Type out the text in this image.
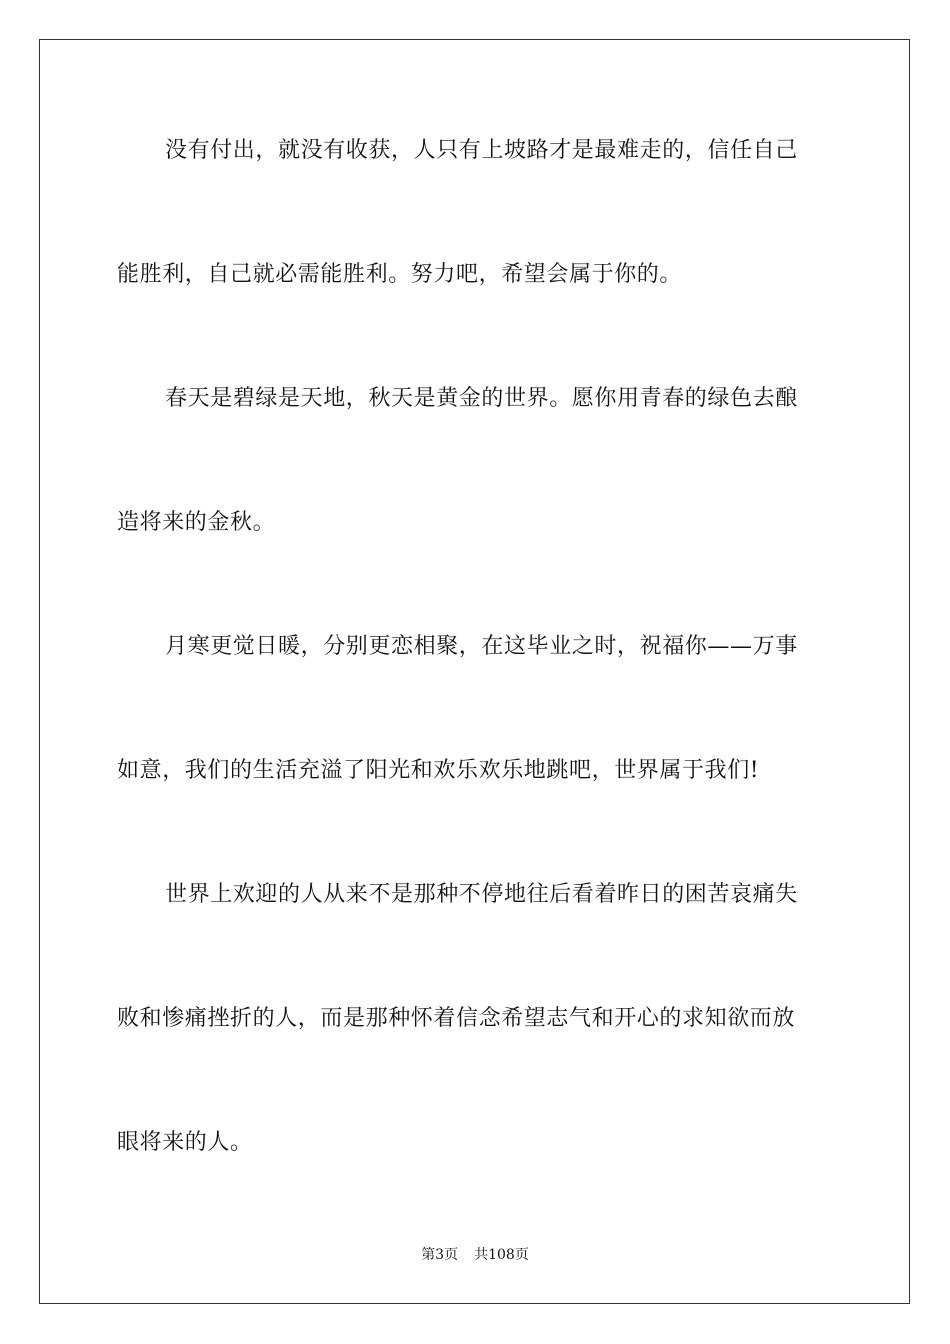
没有付出，就没有收获，人只有上坡路才是最难走的，信任自己
能胜利，自己就必需能胜利。努力吧，希望会属于你的。
春天是碧绿是天地，秋天是黄金的世界。愿你用青春的绿色去酿
造将来的金秋。
月寒更觉日暖，分别更恋相聚，在这毕业之时，祝福你——万事
如意，我们的生活充溢了阳光和欢乐欢乐地跳吧，世界属于我们!
世界上欢迎的人从来不是那种不停地往后看着昨日的困苦哀痛失
败和惨痛挫折的人，而是那种怀着信念希望志气和开心的求知欲而放
眼将来的人。
第3页 共108页
